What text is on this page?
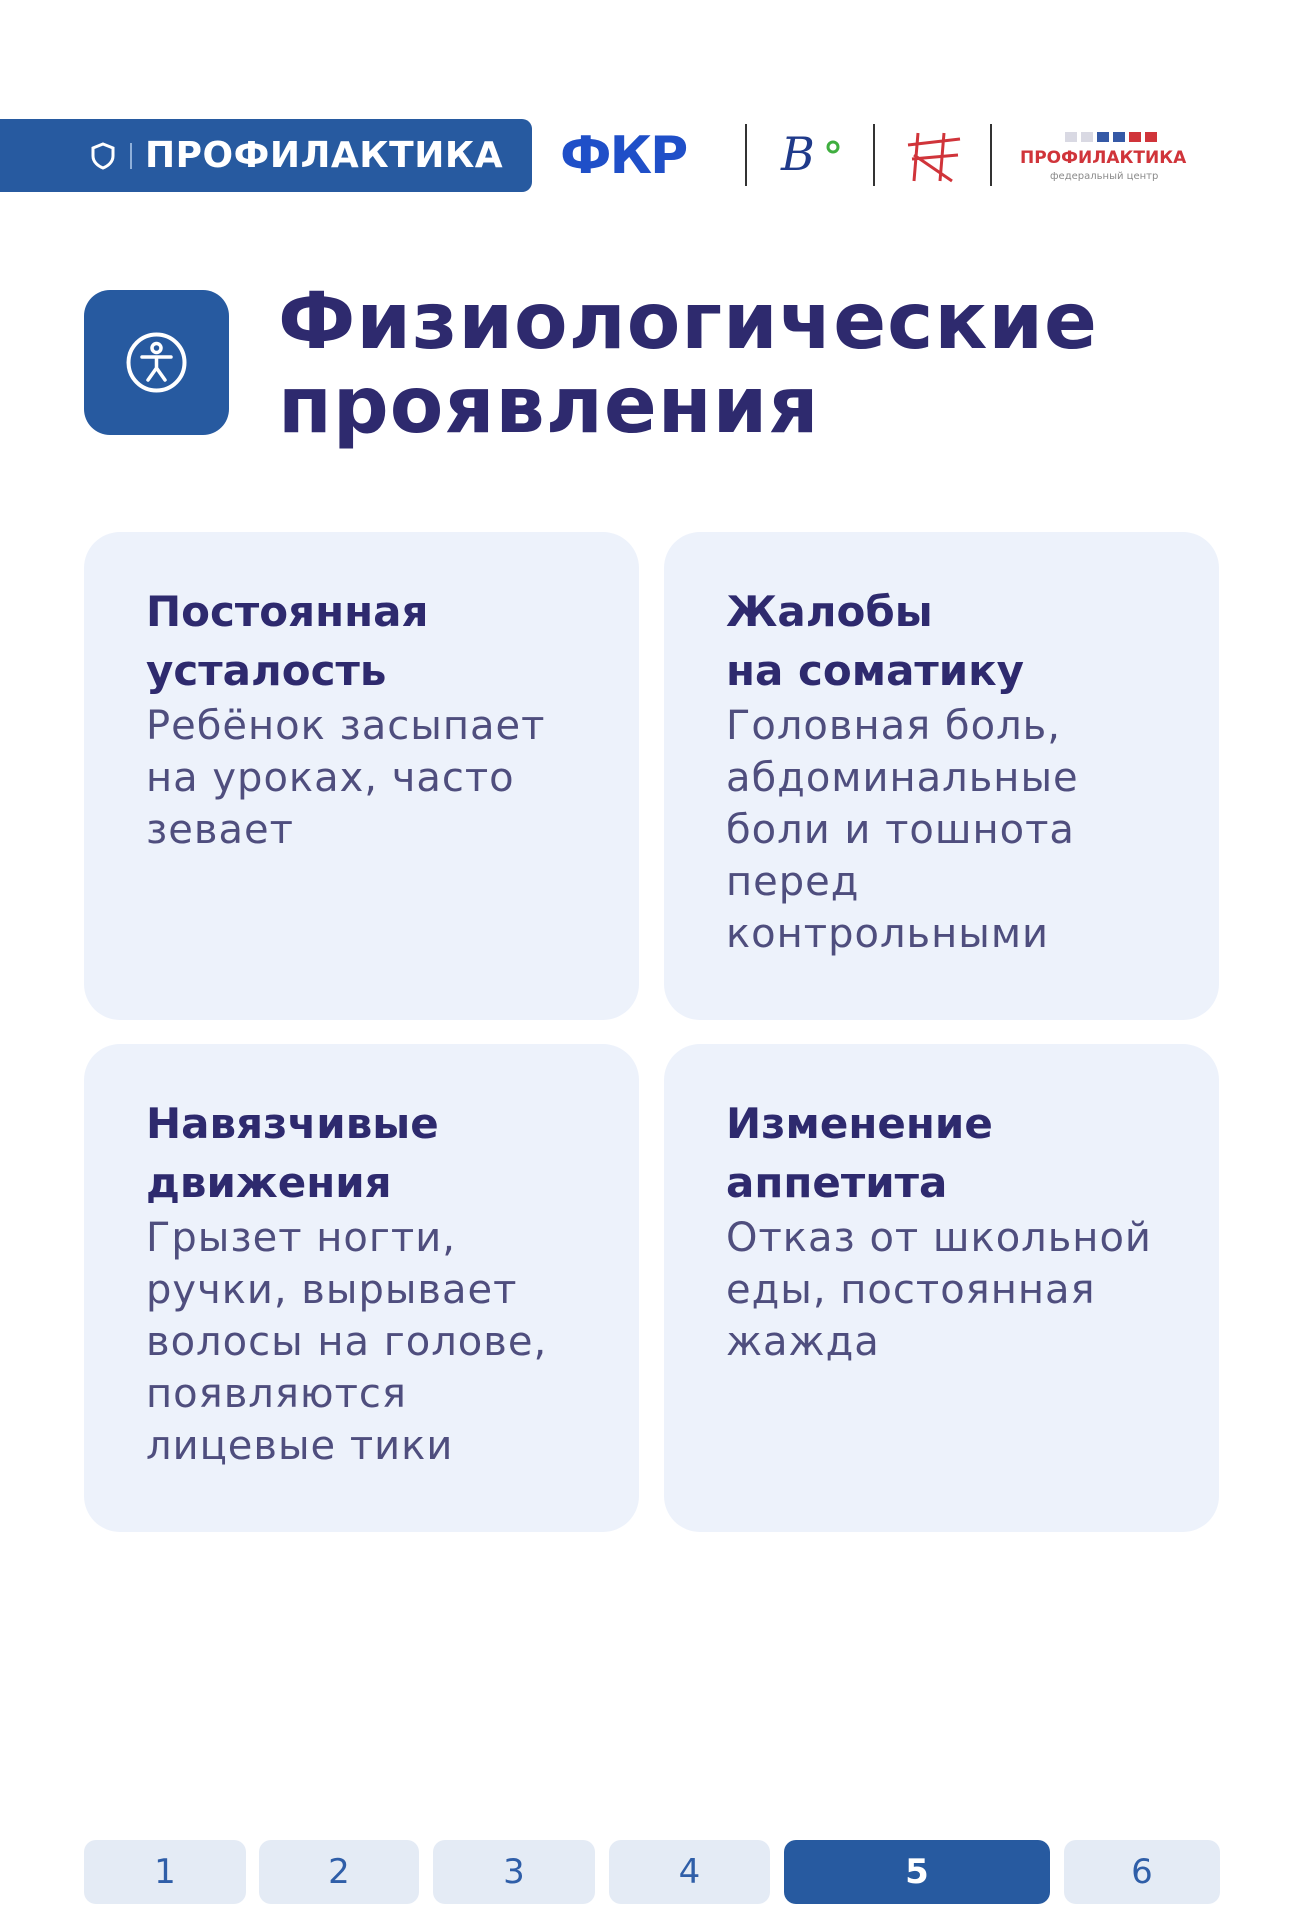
ПРОФИЛАКТИКА ФКР B	ПРОФИЛАКТИКА
федеральный центр
Физиологические
проявления
Постоянная
усталость
Ребёнок засыпает
на уроках, часто
зевает
Жалобы
на соматику
Головная боль,
абдоминальные
боли и тошнота
перед
контрольными
Навязчивые
движения
Грызет ногти,
ручки, вырывает
волосы на голове,
появляются
лицевые тики
Изменение
аппетита
Отказ от школьной
еды, постоянная
жажда
1	2	3	4	5	6
